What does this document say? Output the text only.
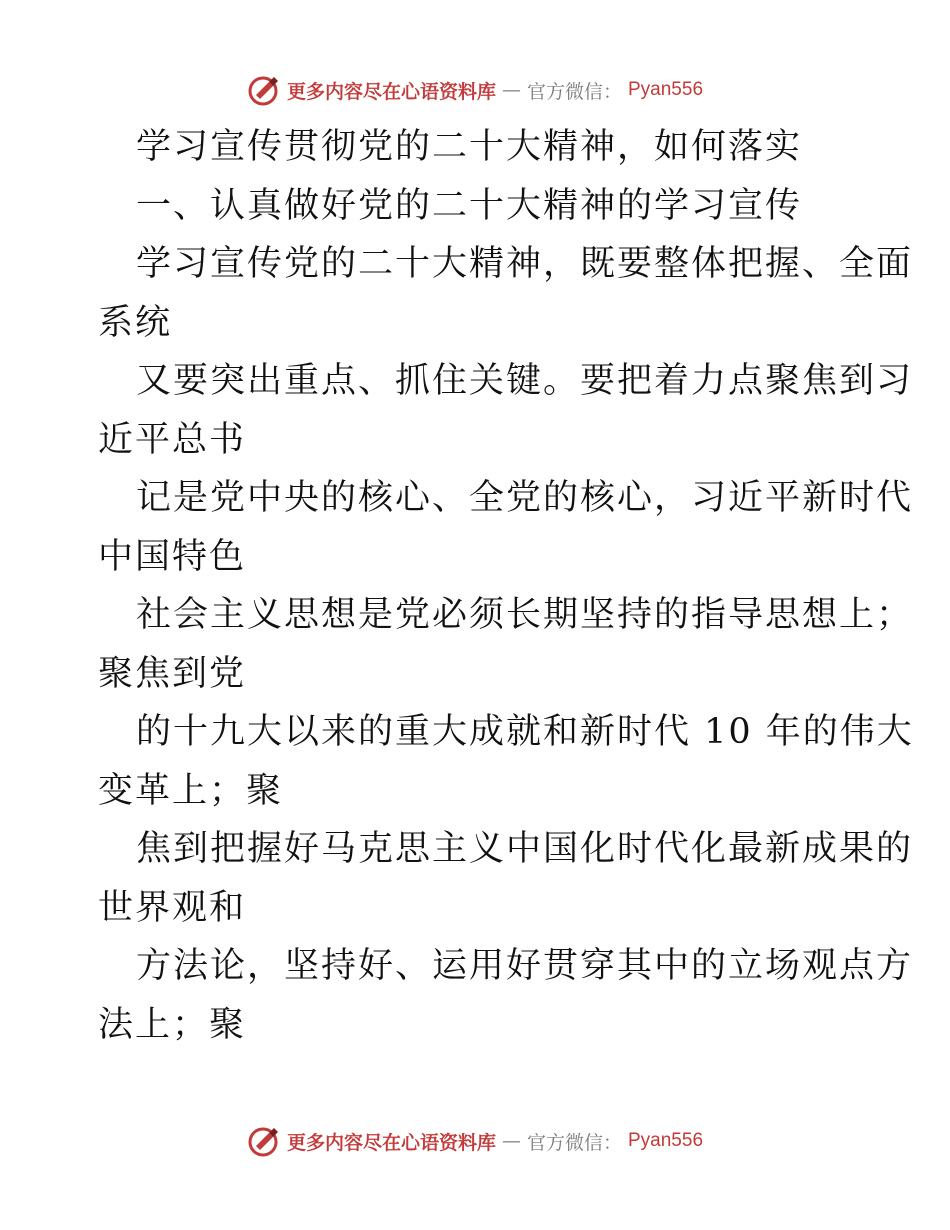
更多内容尽在心语资料库 — 官方微信： Pyan556
学习宣传贯彻党的二十大精神，如何落实
一、认真做好党的二十大精神的学习宣传
学习宣传党的二十大精神，既要整体把握、全面
系统
又要突出重点、抓住关键。要把着力点聚焦到习
近平总书
记是党中央的核心、全党的核心，习近平新时代
中国特色
社会主义思想是党必须长期坚持的指导思想上；
聚焦到党
的十九大以来的重大成就和新时代 10 年的伟大
变革上；聚
焦到把握好马克思主义中国化时代化最新成果的
世界观和
方法论，坚持好、运用好贯穿其中的立场观点方
法上；聚
更多内容尽在心语资料库 — 官方微信： Pyan556
